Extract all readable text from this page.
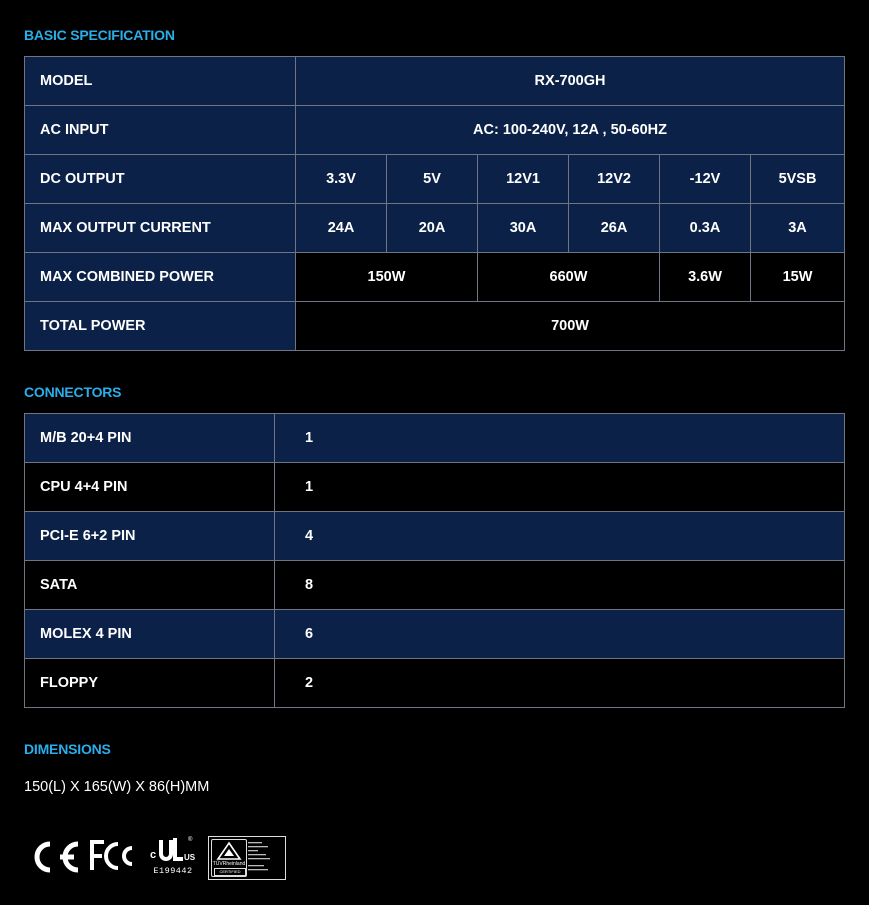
BASIC SPECIFICATION
MODEL	RX-700GH					
AC INPUT	AC: 100-240V, 12A , 50-60HZ					
DC OUTPUT	3.3V	5V	12V1	12V2	-12V	5VSB
MAX OUTPUT CURRENT	24A	20A	30A	26A	0.3A	3A
MAX COMBINED POWER	150W		660W		3.6W	15W
TOTAL POWER	700W					
CONNECTORS
M/B 20+4 PIN	1
CPU 4+4 PIN	1
PCI-E 6+2 PIN	4
SATA	8
MOLEX 4 PIN	6
FLOPPY	2
DIMENSIONS
150(L) X 165(W) X 86(H)MM
c	US
®
E199442
TÜVRheinland
CERTIFIED
